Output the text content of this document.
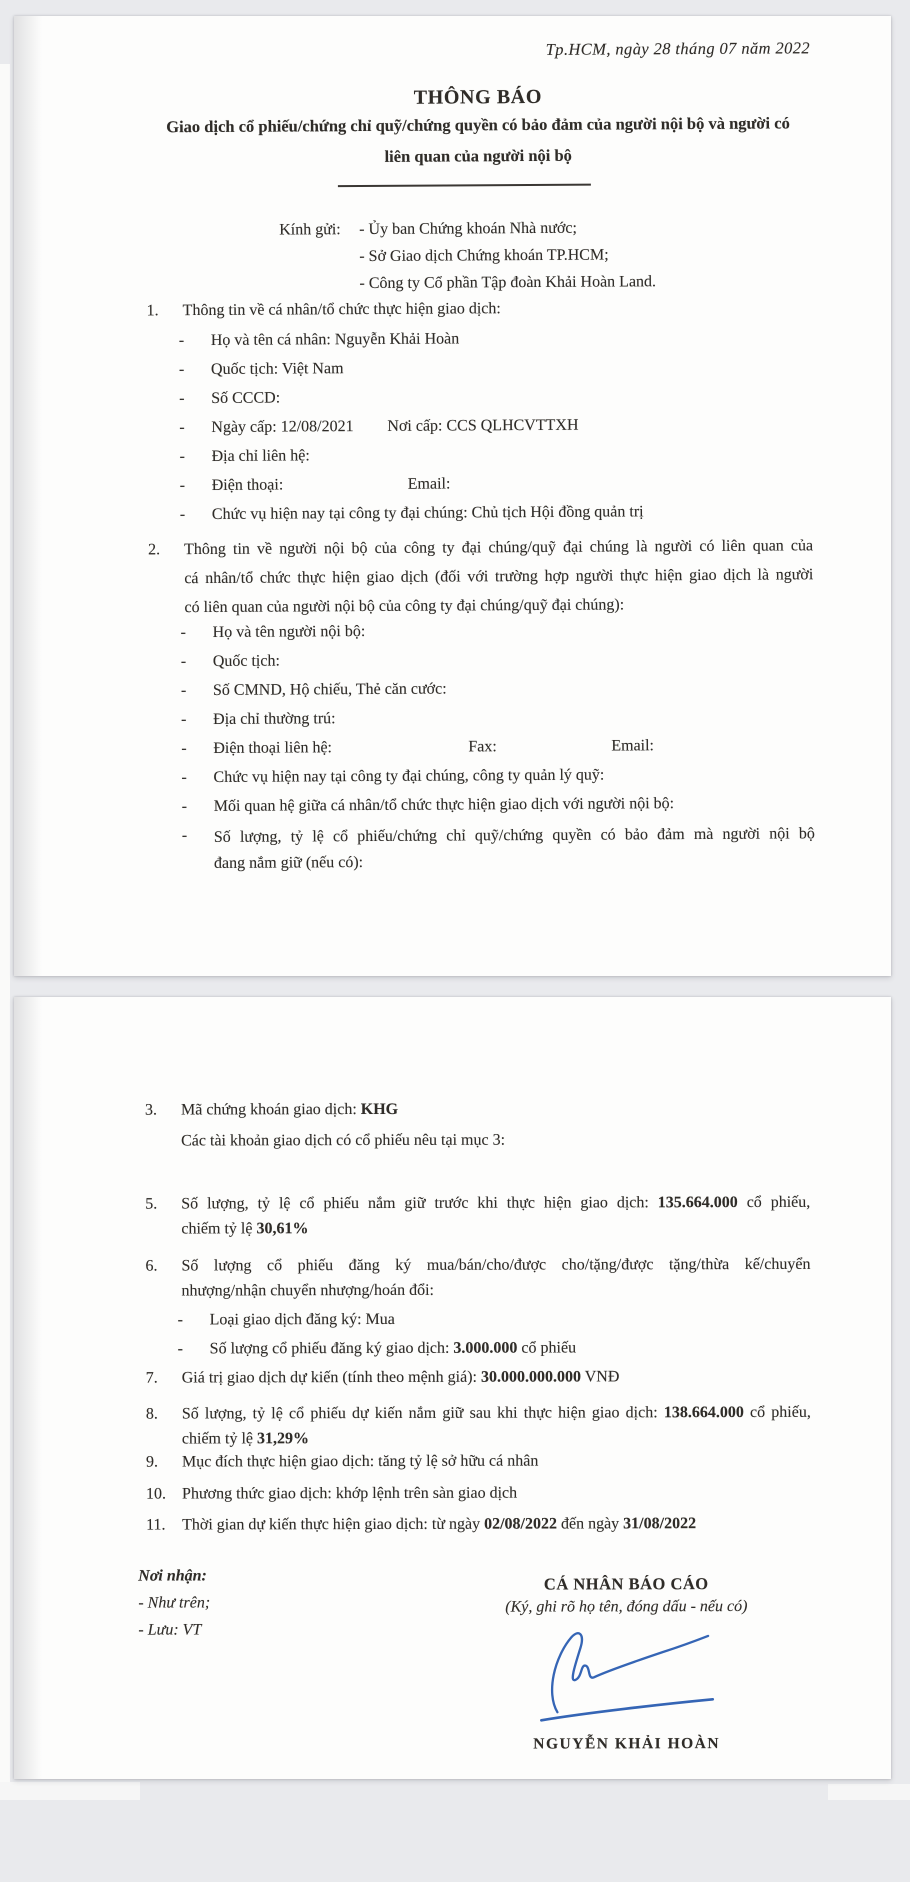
Tp.HCM, ngày 28 tháng 07 năm 2022
THÔNG BÁO
Giao dịch cổ phiếu/chứng chỉ quỹ/chứng quyền có bảo đảm của người nội bộ và người có
liên quan của người nội bộ
Kính gửi:	- Ủy ban Chứng khoán Nhà nước;
- Sở Giao dịch Chứng khoán TP.HCM;
- Công ty Cổ phần Tập đoàn Khải Hoàn Land.
1.	Thông tin về cá nhân/tổ chức thực hiện giao dịch:
-	Họ và tên cá nhân: Nguyễn Khải Hoàn
-	Quốc tịch: Việt Nam
-	Số CCCD:
-	Ngày cấp: 12/08/2021 Nơi cấp: CCS QLHCVTTXH
-	Địa chỉ liên hệ:
-	Điện thoại:	Email:
-	Chức vụ hiện nay tại công ty đại chúng: Chủ tịch Hội đồng quản trị
2.	Thông tin về người nội bộ của công ty đại chúng/quỹ đại chúng là người có liên quan của
cá nhân/tổ chức thực hiện giao dịch (đối với trường hợp người thực hiện giao dịch là người
có liên quan của người nội bộ của công ty đại chúng/quỹ đại chúng):
-	Họ và tên người nội bộ:
-	Quốc tịch:
-	Số CMND, Hộ chiếu, Thẻ căn cước:
-	Địa chỉ thường trú:
-	Điện thoại liên hệ:	Fax:	Email:
-	Chức vụ hiện nay tại công ty đại chúng, công ty quản lý quỹ:
-	Mối quan hệ giữa cá nhân/tổ chức thực hiện giao dịch với người nội bộ:
-	Số lượng, tỷ lệ cổ phiếu/chứng chỉ quỹ/chứng quyền có bảo đảm mà người nội bộ
đang nắm giữ (nếu có):
3.	Mã chứng khoán giao dịch: KHG
Các tài khoản giao dịch có cổ phiếu nêu tại mục 3:
5.	Số lượng, tỷ lệ cổ phiếu nắm giữ trước khi thực hiện giao dịch: 135.664.000 cổ phiếu,
chiếm tỷ lệ 30,61%
6.	Số lượng cổ phiếu đăng ký mua/bán/cho/được cho/tặng/được tặng/thừa kế/chuyển
nhượng/nhận chuyển nhượng/hoán đổi:
-	Loại giao dịch đăng ký: Mua
-	Số lượng cổ phiếu đăng ký giao dịch: 3.000.000 cổ phiếu
7.	Giá trị giao dịch dự kiến (tính theo mệnh giá): 30.000.000.000 VNĐ
8.	Số lượng, tỷ lệ cổ phiếu dự kiến nắm giữ sau khi thực hiện giao dịch: 138.664.000 cổ phiếu,
chiếm tỷ lệ 31,29%
9.	Mục đích thực hiện giao dịch: tăng tỷ lệ sở hữu cá nhân
10. Phương thức giao dịch: khớp lệnh trên sàn giao dịch
11.	Thời gian dự kiến thực hiện giao dịch: từ ngày 02/08/2022 đến ngày 31/08/2022
Nơi nhận:
- Như trên;
- Lưu: VT
CÁ NHÂN BÁO CÁO
(Ký, ghi rõ họ tên, đóng dấu - nếu có)
NGUYỄN KHẢI HOÀN
